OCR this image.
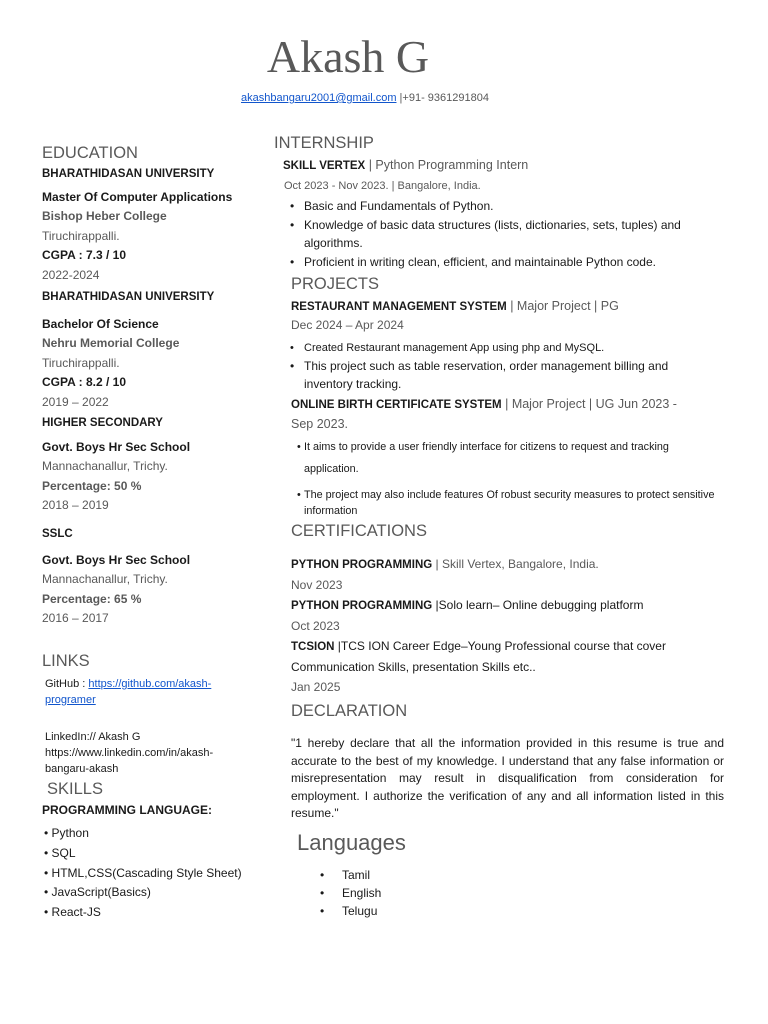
Akash G
akashbangaru2001@gmail.com |+91- 9361291804
EDUCATION
BHARATHIDASAN UNIVERSITY
Master Of Computer Applications
Bishop Heber College
Tiruchirappalli.
CGPA : 7.3 / 10
2022-2024
BHARATHIDASAN UNIVERSITY
Bachelor Of Science
Nehru Memorial College
Tiruchirappalli.
CGPA : 8.2 / 10
2019 – 2022
HIGHER SECONDARY
Govt. Boys Hr Sec School
Mannachanallur, Trichy.
Percentage: 50 %
2018 – 2019
SSLC
Govt. Boys Hr Sec School
Mannachanallur, Trichy.
Percentage: 65 %
2016 – 2017
LINKS
GitHub : https://github.com/akash-
programer
LinkedIn:// Akash G
https://www.linkedin.com/in/akash-
bangaru-akash
SKILLS
PROGRAMMING LANGUAGE:
• Python
• SQL
• HTML,CSS(Cascading Style Sheet)
• JavaScript(Basics)
• React-JS
INTERNSHIP
SKILL VERTEX | Python Programming Intern
Oct 2023 - Nov 2023. | Bangalore, India.
• Basic and Fundamentals of Python.
• Knowledge of basic data structures (lists, dictionaries, sets, tuples) and algorithms.
• Proficient in writing clean, efficient, and maintainable Python code.
PROJECTS
RESTAURANT MANAGEMENT SYSTEM | Major Project | PG
Dec 2024 – Apr 2024
• Created Restaurant management App using php and MySQL.
• This project such as table reservation, order management billing and inventory tracking.
ONLINE BIRTH CERTIFICATE SYSTEM | Major Project | UG Jun 2023 -
Sep 2023.
• It aims to provide a user friendly interface for citizens to request and tracking application.
• The project may also include features Of robust security measures to protect sensitive information
CERTIFICATIONS
PYTHON PROGRAMMING | Skill Vertex, Bangalore, India.
Nov 2023
PYTHON PROGRAMMING |Solo learn– Online debugging platform
Oct 2023
TCSION |TCS ION Career Edge–Young Professional course that cover
Communication Skills, presentation Skills etc..
Jan 2025
DECLARATION
"1 hereby declare that all the information provided in this resume is true and accurate to the best of my knowledge. I understand that any false information or misrepresentation may result in disqualification from consideration for employment. I authorize the verification of any and all information listed in this resume."
Languages
• Tamil
• English
• Telugu
